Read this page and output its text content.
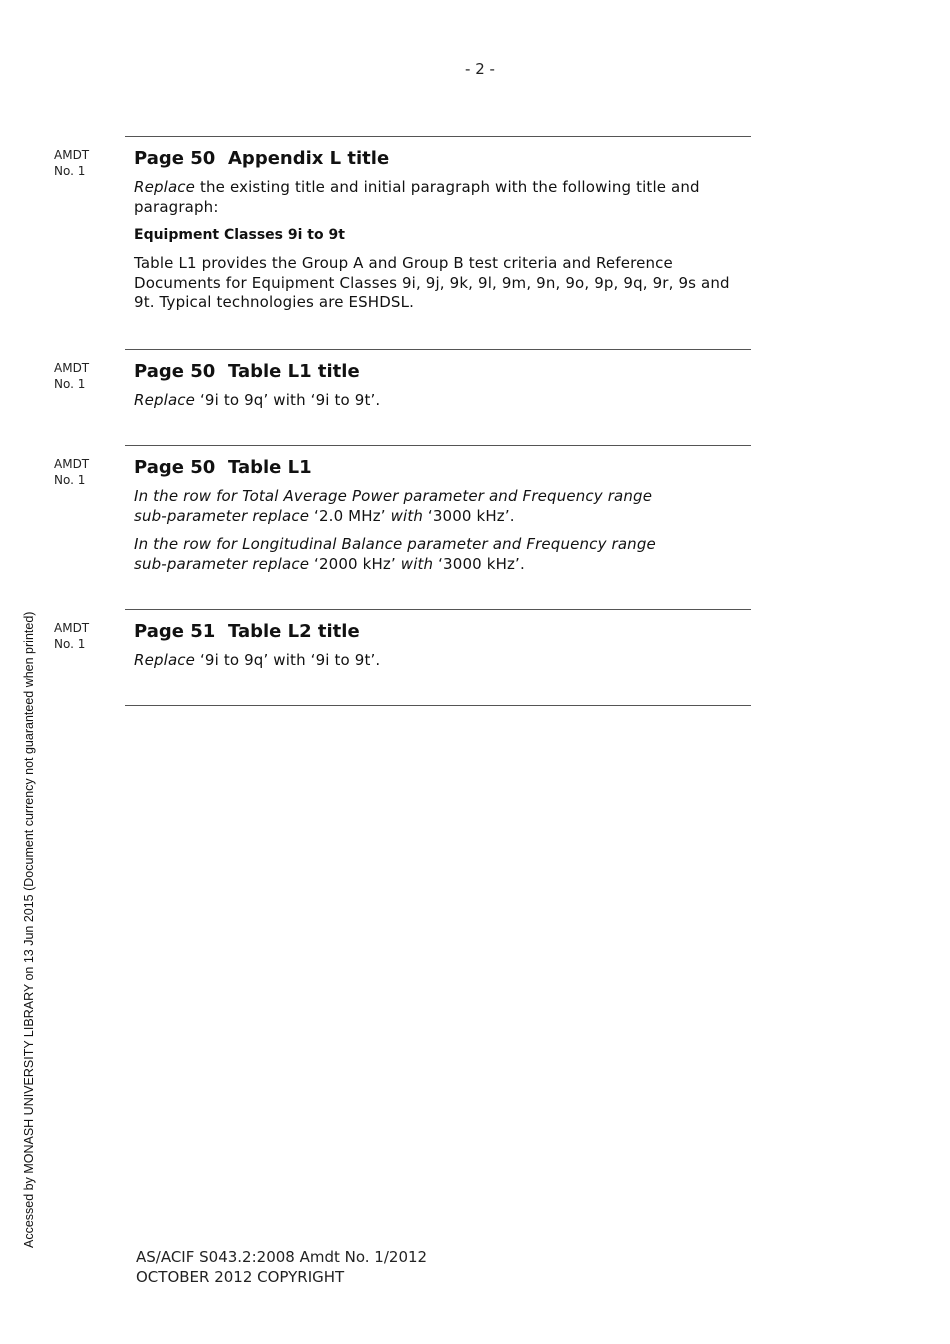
- 2 -
AMDT
No. 1
Page 50 Appendix L title

Replace the existing title and initial paragraph with the following title and paragraph:

Equipment Classes 9i to 9t

Table L1 provides the Group A and Group B test criteria and Reference Documents for Equipment Classes 9i, 9j, 9k, 9l, 9m, 9n, 9o, 9p, 9q, 9r, 9s and 9t. Typical technologies are ESHDSL.

AMDT
No. 1
Page 50 Table L1 title

Replace ‘9i to 9q’ with ‘9i to 9t’.

AMDT
No. 1
Page 50 Table L1

In the row for Total Average Power parameter and Frequency range sub-parameter replace ‘2.0 MHz’ with ‘3000 kHz’.

In the row for Longitudinal Balance parameter and Frequency range sub-parameter replace ‘2000 kHz’ with ‘3000 kHz’.

AMDT
No. 1
Page 51 Table L2 title

Replace ‘9i to 9q’ with ‘9i to 9t’.

Accessed by MONASH UNIVERSITY LIBRARY on 13 Jun 2015 (Document currency not guaranteed when printed)
AS/ACIF S043.2:2008 Amdt No. 1/2012
OCTOBER 2012 COPYRIGHT
